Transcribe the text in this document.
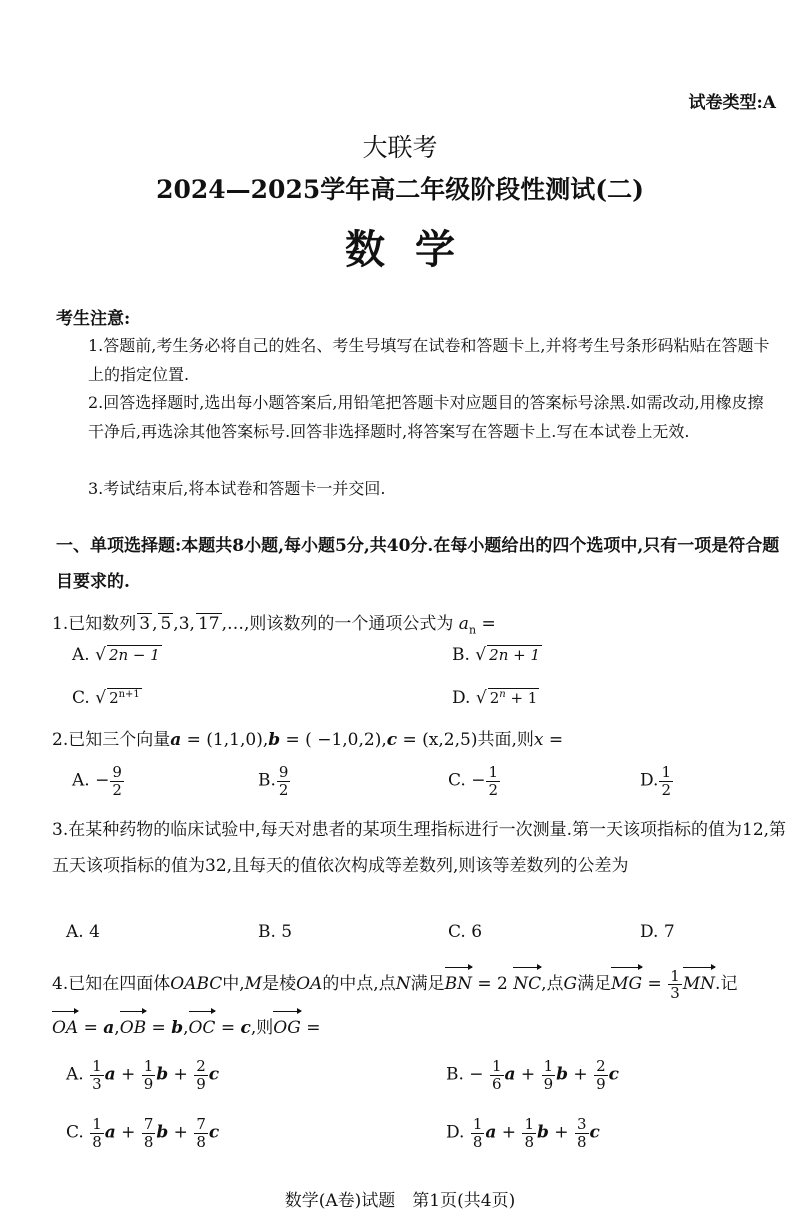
试卷类型:A
大联考
2024—2025学年高二年级阶段性测试(二)
数学
考生注意:
1.答题前,考生务必将自己的姓名、考生号填写在试卷和答题卡上,并将考生号条形码粘贴在答题卡上的指定位置.
2.回答选择题时,选出每小题答案后,用铅笔把答题卡对应题目的答案标号涂黑.如需改动,用橡皮擦干净后,再选涂其他答案标号.回答非选择题时,将答案写在答题卡上.写在本试卷上无效.
3.考试结束后,将本试卷和答题卡一并交回.
一、单项选择题:本题共8小题,每小题5分,共40分.在每小题给出的四个选项中,只有一项是符合题目要求的.
1.已知数列 3 , 5 ,3, 17 ,…,则该数列的一个通项公式为 $a_n$ =
A. √ 2n − 1	B. √ 2n + 1
C. √ $2^{n+1}$	D. √ $2^n + 1$
2.已知三个向量a = (1,1,0),b = ( −1,0,2),c = (x,2,5)共面,则x =
A. − $\frac{9}{2}$	B. $\frac{9}{2}$	C. − $\frac{1}{2}$	D. $\frac{1}{2}$
3.在某种药物的临床试验中,每天对患者的某项生理指标进行一次测量.第一天该项指标的值为12,第五天该项指标的值为32,且每天的值依次构成等差数列,则该等差数列的公差为
A. 4	B. 5	C. 6	D. 7
4.已知在四面体OABC中,M是棱OA的中点,点N满足BN = 2 NC,点G满足MG = $\frac{1}{3}$ MN.记
OA = a,OB = b,OC = c,则OG =
A. $\frac{1}{3}$ $a + \frac{1}{9}$ $b + \frac{2}{9}$ c	B. − $\frac{1}{6}$ $a + \frac{1}{9}$ $b + \frac{2}{9}$ c
C. $\frac{1}{8}$ $a + \frac{7}{8}$ $b + \frac{7}{8}$ c	D. $\frac{1}{8}$ $a + \frac{1}{8}$ $b + \frac{3}{8}$ c
数学(A卷)试题　第1页(共4页)
